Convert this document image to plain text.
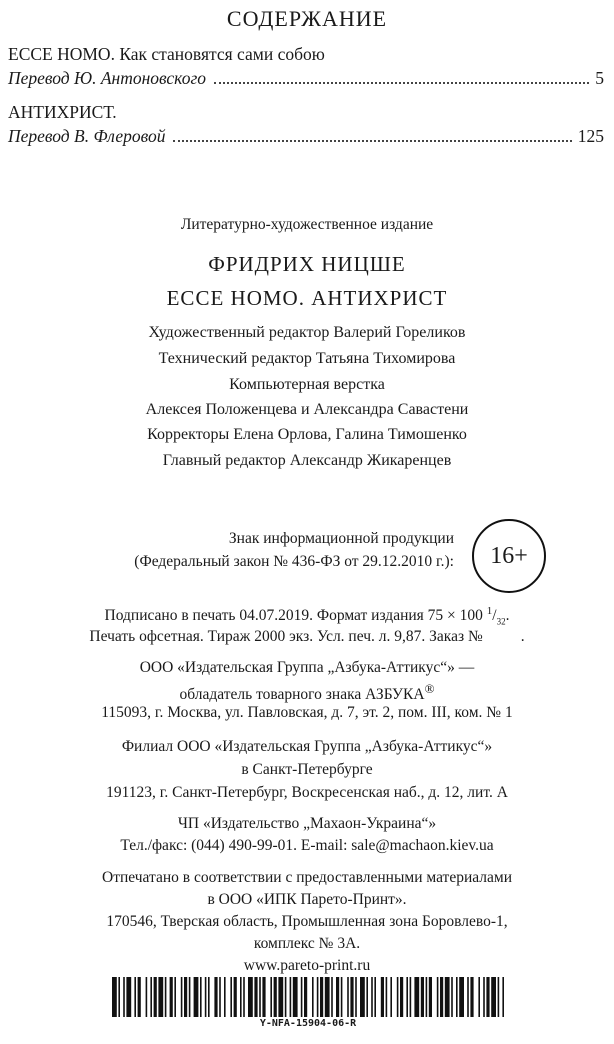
СОДЕРЖАНИЕ
ECCE HOMO. Как становятся сами собою
Перевод Ю. Антоновского	5
АНТИХРИСТ.
Перевод В. Флеровой	125
Литературно-художественное издание
ФРИДРИХ НИЦШЕ
ECCE HOMO. АНТИХРИСТ
Художественный редактор Валерий Гореликов
Технический редактор Татьяна Тихомирова
Компьютерная верстка
Алексея Положенцева и Александра Савастени
Корректоры Елена Орлова, Галина Тимошенко
Главный редактор Александр Жикаренцев
Знак информационной продукции
(Федеральный закон № 436-ФЗ от 29.12.2010 г.):	16+
Подписано в печать 04.07.2019. Формат издания 75 × 100 $^1/_{32}$.
Печать офсетная. Тираж 2000 экз. Усл. печ. л. 9,87. Заказ № .
ООО «Издательская Группа „Азбука-Аттикус“» —
обладатель товарного знака АЗБУКА®
115093, г. Москва, ул. Павловская, д. 7, эт. 2, пом. III, ком. № 1
Филиал ООО «Издательская Группа „Азбука-Аттикус“»
в Санкт-Петербурге
191123, г. Санкт-Петербург, Воскресенская наб., д. 12, лит. А
ЧП «Издательство „Махаон-Украина“»
Тел./факс: (044) 490-99-01. E-mail: sale@machaon.kiev.ua
Отпечатано в соответствии с предоставленными материалами
в ООО «ИПК Парето-Принт».
170546, Тверская область, Промышленная зона Боровлево-1,
комплекс № 3А.
www.pareto-print.ru
Y-NFA-15904-06-R
